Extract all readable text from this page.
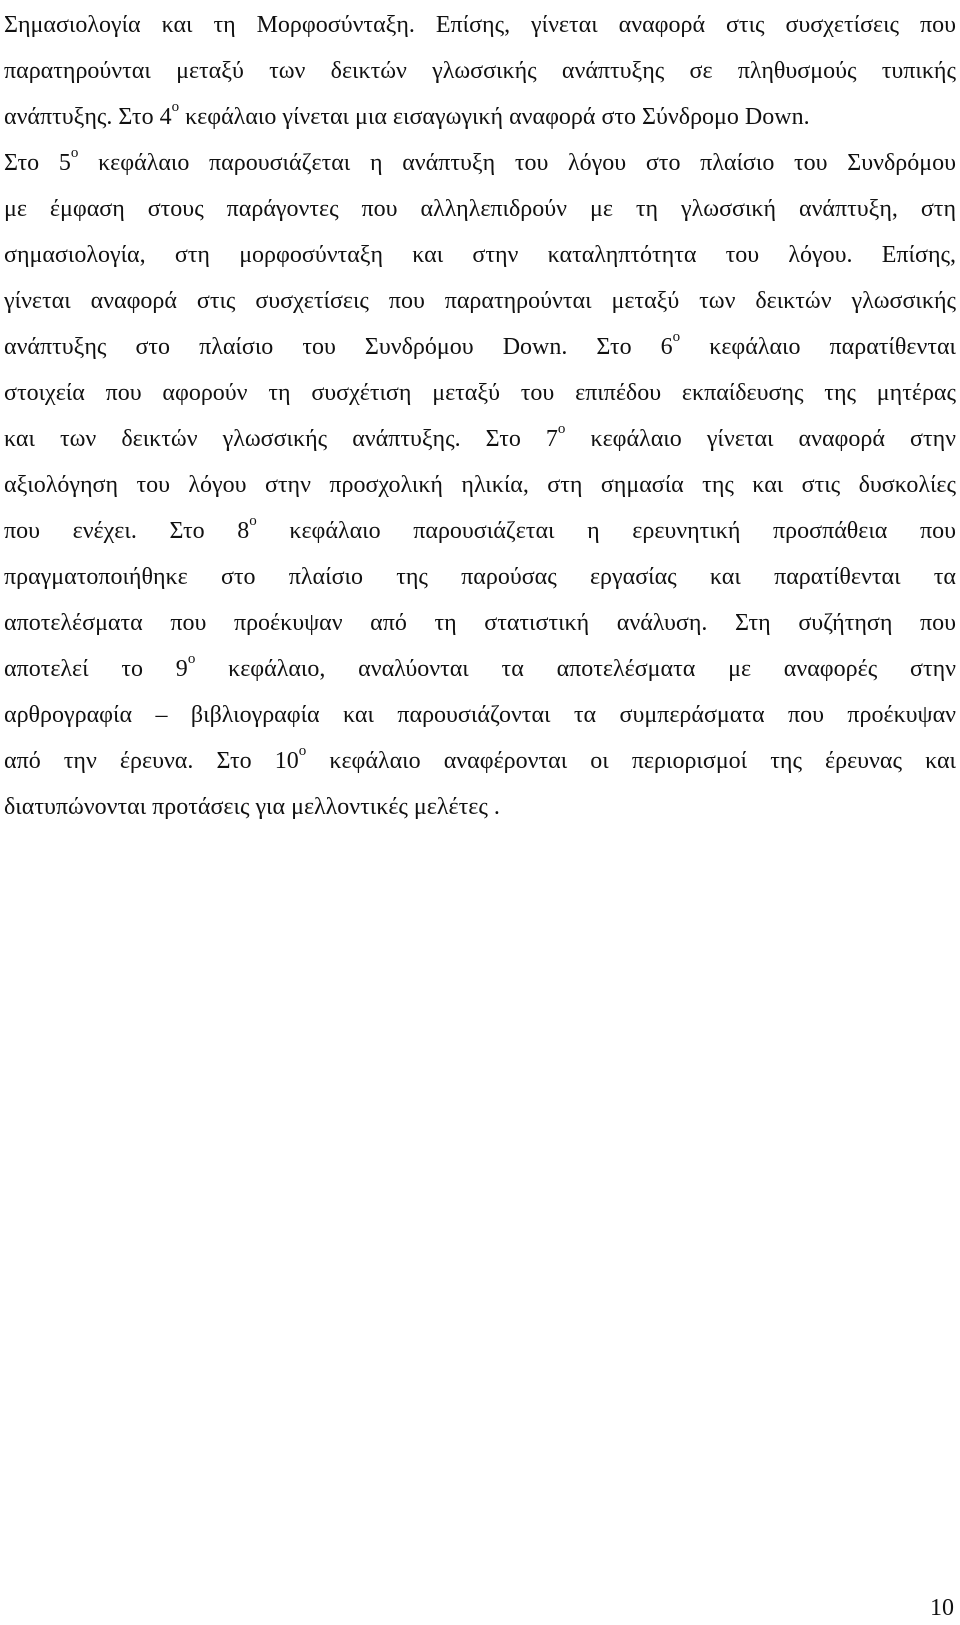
Σημασιολογία και τη Μορφοσύνταξη. Επίσης, γίνεται αναφορά στις συσχετίσεις που
παρατηρούνται μεταξύ των δεικτών γλωσσικής ανάπτυξης σε πληθυσμούς τυπικής
ανάπτυξης. Στο $4^o$ κεφάλαιο γίνεται μια εισαγωγική αναφορά στο Σύνδρομο Down.
Στο $5^o$ κεφάλαιο παρουσιάζεται η ανάπτυξη του λόγου στο πλαίσιο του Συνδρόμου
με έμφαση στους παράγοντες που αλληλεπιδρούν με τη γλωσσική ανάπτυξη, στη
σημασιολογία, στη μορφοσύνταξη και στην καταληπτότητα του λόγου. Επίσης,
γίνεται αναφορά στις συσχετίσεις που παρατηρούνται μεταξύ των δεικτών γλωσσικής
ανάπτυξης στο πλαίσιο του Συνδρόμου Down. Στο $6^o$ κεφάλαιο παρατίθενται
στοιχεία που αφορούν τη συσχέτιση μεταξύ του επιπέδου εκπαίδευσης της μητέρας
και των δεικτών γλωσσικής ανάπτυξης. Στο $7^o$ κεφάλαιο γίνεται αναφορά στην
αξιολόγηση του λόγου στην προσχολική ηλικία, στη σημασία της και στις δυσκολίες
που ενέχει. Στο $8^o$ κεφάλαιο παρουσιάζεται η ερευνητική προσπάθεια που
πραγματοποιήθηκε στο πλαίσιο της παρούσας εργασίας και παρατίθενται τα
αποτελέσματα που προέκυψαν από τη στατιστική ανάλυση. Στη συζήτηση που
αποτελεί το $9^o$ κεφάλαιο, αναλύονται τα αποτελέσματα με αναφορές στην
αρθρογραφία – βιβλιογραφία και παρουσιάζονται τα συμπεράσματα που προέκυψαν
από την έρευνα. Στο $10^o$ κεφάλαιο αναφέρονται οι περιορισμοί της έρευνας και
διατυπώνονται προτάσεις για μελλοντικές μελέτες .
10
